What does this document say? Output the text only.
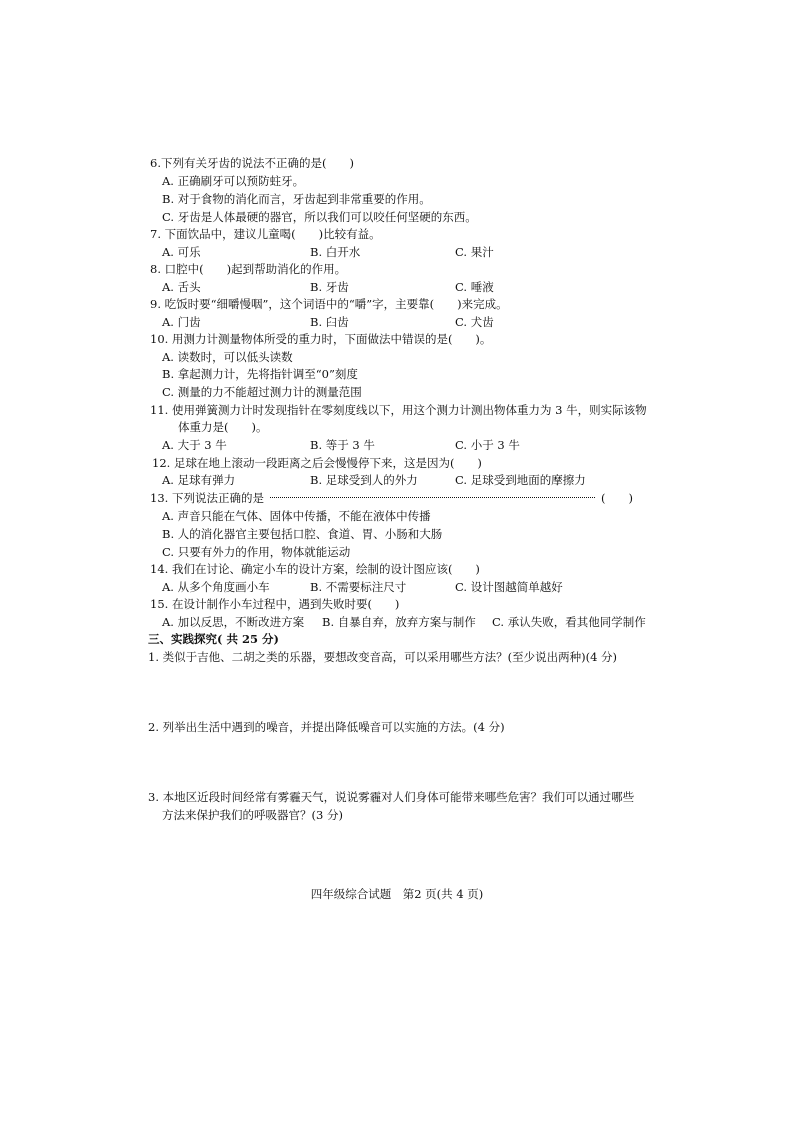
6.下列有关牙齿的说法不正确的是(　　)
A. 正确刷牙可以预防蛀牙。
B. 对于食物的消化而言，牙齿起到非常重要的作用。
C. 牙齿是人体最硬的器官，所以我们可以咬任何坚硬的东西。
7. 下面饮品中，建议儿童喝(　　)比较有益。
A. 可乐	B. 白开水	C. 果汁
8. 口腔中(　　)起到帮助消化的作用。
A. 舌头	B. 牙齿	C. 唾液
9. 吃饭时要“细嚼慢咽”，这个词语中的“嚼”字，主要靠(　　)来完成。
A. 门齿	B. 臼齿	C. 犬齿
10. 用测力计测量物体所受的重力时，下面做法中错误的是(　　)。
A. 读数时，可以低头读数
B. 拿起测力计，先将指针调至“0”刻度
C. 测量的力不能超过测力计的测量范围
11. 使用弹簧测力计时发现指针在零刻度线以下，用这个测力计测出物体重力为 3 牛，则实际该物
体重力是(　　)。
A. 大于 3 牛	B. 等于 3 牛	C. 小于 3 牛
12. 足球在地上滚动一段距离之后会慢慢停下来，这是因为(　　)
A. 足球有弹力	B. 足球受到人的外力	C. 足球受到地面的摩擦力
13. 下列说法正确的是	(　　)
A. 声音只能在气体、固体中传播，不能在液体中传播
B. 人的消化器官主要包括口腔、食道、胃、小肠和大肠
C. 只要有外力的作用，物体就能运动
14. 我们在讨论、确定小车的设计方案，绘制的设计图应该(　　)
A. 从多个角度画小车	B. 不需要标注尺寸	C. 设计图越简单越好
15. 在设计制作小车过程中，遇到失败时要(　　)
A. 加以反思，不断改进方案 B. 自暴自弃，放弃方案与制作 C. 承认失败，看其他同学制作
三、实践探究( 共 25 分)
1. 类似于吉他、二胡之类的乐器，要想改变音高，可以采用哪些方法？(至少说出两种)(4 分)
2. 列举出生活中遇到的噪音，并提出降低噪音可以实施的方法。(4 分)
3. 本地区近段时间经常有雾霾天气，说说雾霾对人们身体可能带来哪些危害？我们可以通过哪些
方法来保护我们的呼吸器官？(3 分)
四年级综合试题　第2 页(共 4 页)
